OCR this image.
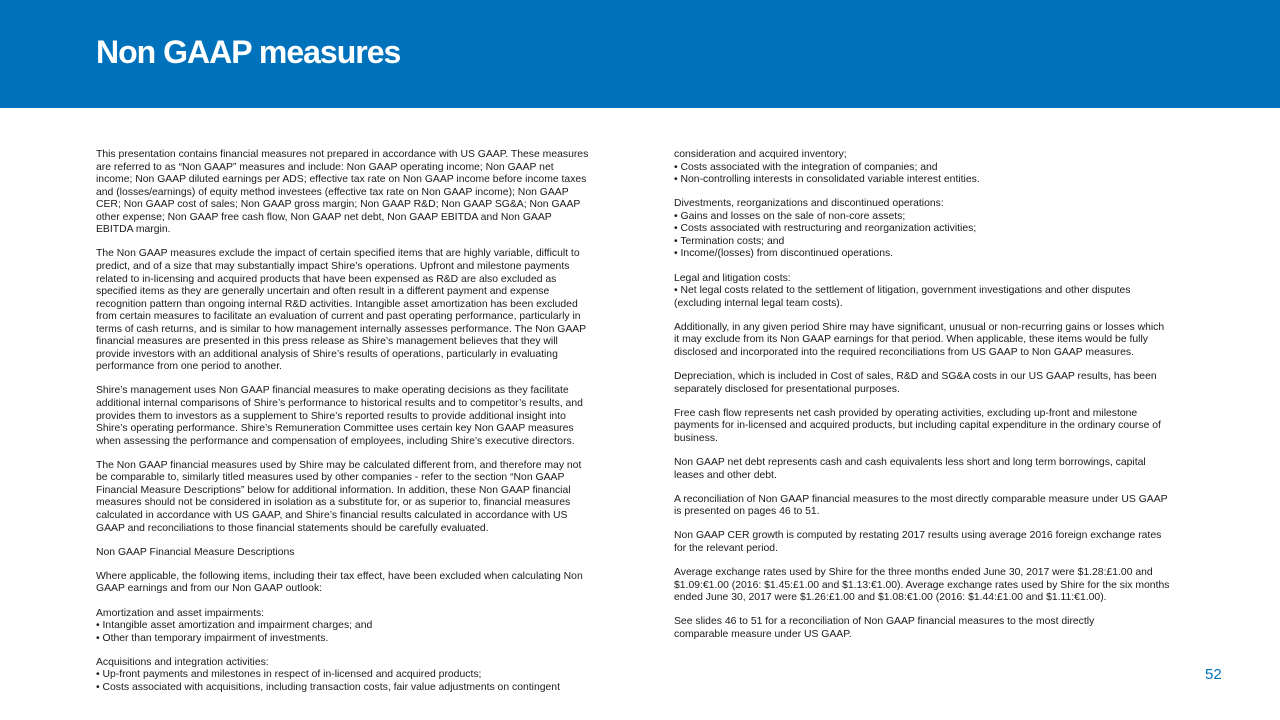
Non GAAP measures
This presentation contains financial measures not prepared in accordance with US GAAP. These measures
are referred to as “Non GAAP” measures and include: Non GAAP operating income; Non GAAP net
income; Non GAAP diluted earnings per ADS; effective tax rate on Non GAAP income before income taxes
and (losses/earnings) of equity method investees (effective tax rate on Non GAAP income); Non GAAP
CER; Non GAAP cost of sales; Non GAAP gross margin; Non GAAP R&D; Non GAAP SG&A; Non GAAP
other expense; Non GAAP free cash flow, Non GAAP net debt, Non GAAP EBITDA and Non GAAP
EBITDA margin.
The Non GAAP measures exclude the impact of certain specified items that are highly variable, difficult to
predict, and of a size that may substantially impact Shire’s operations. Upfront and milestone payments
related to in-licensing and acquired products that have been expensed as R&D are also excluded as
specified items as they are generally uncertain and often result in a different payment and expense
recognition pattern than ongoing internal R&D activities. Intangible asset amortization has been excluded
from certain measures to facilitate an evaluation of current and past operating performance, particularly in
terms of cash returns, and is similar to how management internally assesses performance. The Non GAAP
financial measures are presented in this press release as Shire’s management believes that they will
provide investors with an additional analysis of Shire’s results of operations, particularly in evaluating
performance from one period to another.
Shire’s management uses Non GAAP financial measures to make operating decisions as they facilitate
additional internal comparisons of Shire’s performance to historical results and to competitor’s results, and
provides them to investors as a supplement to Shire’s reported results to provide additional insight into
Shire’s operating performance. Shire’s Remuneration Committee uses certain key Non GAAP measures
when assessing the performance and compensation of employees, including Shire’s executive directors.
The Non GAAP financial measures used by Shire may be calculated different from, and therefore may not
be comparable to, similarly titled measures used by other companies - refer to the section “Non GAAP
Financial Measure Descriptions” below for additional information. In addition, these Non GAAP financial
measures should not be considered in isolation as a substitute for, or as superior to, financial measures
calculated in accordance with US GAAP, and Shire’s financial results calculated in accordance with US
GAAP and reconciliations to those financial statements should be carefully evaluated.
Non GAAP Financial Measure Descriptions
Where applicable, the following items, including their tax effect, have been excluded when calculating Non
GAAP earnings and from our Non GAAP outlook:
Amortization and asset impairments:
• Intangible asset amortization and impairment charges; and
• Other than temporary impairment of investments.
Acquisitions and integration activities:
• Up-front payments and milestones in respect of in-licensed and acquired products;
• Costs associated with acquisitions, including transaction costs, fair value adjustments on contingent
consideration and acquired inventory;
• Costs associated with the integration of companies; and
• Non-controlling interests in consolidated variable interest entities.
Divestments, reorganizations and discontinued operations:
• Gains and losses on the sale of non-core assets;
• Costs associated with restructuring and reorganization activities;
• Termination costs; and
• Income/(losses) from discontinued operations.
Legal and litigation costs:
• Net legal costs related to the settlement of litigation, government investigations and other disputes
(excluding internal legal team costs).
Additionally, in any given period Shire may have significant, unusual or non-recurring gains or losses which
it may exclude from its Non GAAP earnings for that period. When applicable, these items would be fully
disclosed and incorporated into the required reconciliations from US GAAP to Non GAAP measures.
Depreciation, which is included in Cost of sales, R&D and SG&A costs in our US GAAP results, has been
separately disclosed for presentational purposes.
Free cash flow represents net cash provided by operating activities, excluding up-front and milestone
payments for in-licensed and acquired products, but including capital expenditure in the ordinary course of
business.
Non GAAP net debt represents cash and cash equivalents less short and long term borrowings, capital
leases and other debt.
A reconciliation of Non GAAP financial measures to the most directly comparable measure under US GAAP
is presented on pages 46 to 51.
Non GAAP CER growth is computed by restating 2017 results using average 2016 foreign exchange rates
for the relevant period.
Average exchange rates used by Shire for the three months ended June 30, 2017 were $1.28:£1.00 and
$1.09:€1.00 (2016: $1.45:£1.00 and $1.13:€1.00). Average exchange rates used by Shire for the six months
ended June 30, 2017 were $1.26:£1.00 and $1.08:€1.00 (2016: $1.44:£1.00 and $1.11:€1.00).
See slides 46 to 51 for a reconciliation of Non GAAP financial measures to the most directly
comparable measure under US GAAP.
52
